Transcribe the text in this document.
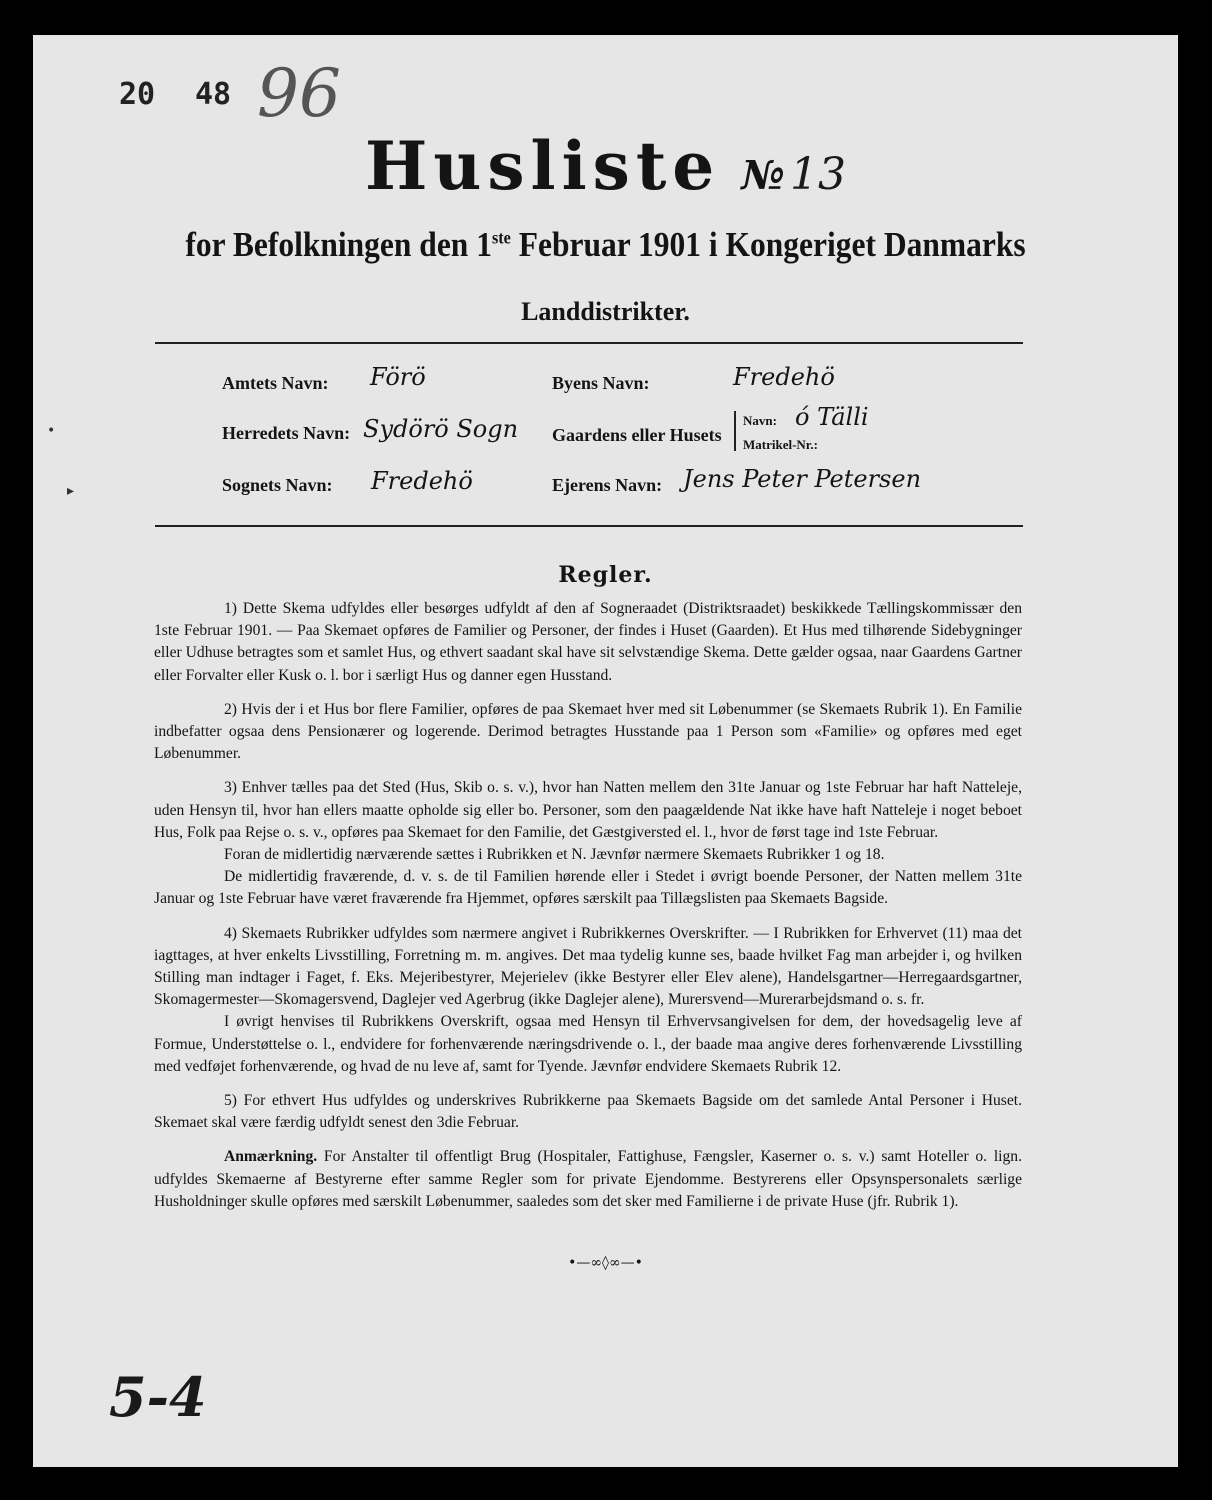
20 48 96
Husliste № 13
for Befolkningen den 1ste Februar 1901 i Kongeriget Danmarks
Landdistrikter.
Amtets Navn: Förö
Herredets Navn: Sydörö Sogn
Sognets Navn: Fredehö
Byens Navn:	Fredehö
Gaardens eller Husets
Navn: ó Tälli
Matrikel-Nr.:
Ejerens Navn: Jens Peter Petersen
Regler.

1) Dette Skema udfyldes eller besørges udfyldt af den af Sogneraadet (Distriktsraadet) beskikkede Tællingskommissær den 1ste Februar 1901. — Paa Skemaet opføres de Familier og Personer, der findes i Huset (Gaarden). Et Hus med tilhørende Sidebygninger eller Udhuse betragtes som et samlet Hus, og ethvert saadant skal have sit selvstændige Skema. Dette gælder ogsaa, naar Gaardens Gartner eller Forvalter eller Kusk o. l. bor i særligt Hus og danner egen Husstand.

2) Hvis der i et Hus bor flere Familier, opføres de paa Skemaet hver med sit Løbenummer (se Skemaets Rubrik 1). En Familie indbefatter ogsaa dens Pensionærer og logerende. Derimod betragtes Husstande paa 1 Person som «Familie» og opføres med eget Løbenummer.

3) Enhver tælles paa det Sted (Hus, Skib o. s. v.), hvor han Natten mellem den 31te Januar og 1ste Februar har haft Natteleje, uden Hensyn til, hvor han ellers maatte opholde sig eller bo. Personer, som den paagældende Nat ikke have haft Natteleje i noget beboet Hus, Folk paa Rejse o. s. v., opføres paa Skemaet for den Familie, det Gæstgiversted el. l., hvor de først tage ind 1ste Februar.

Foran de midlertidig nærværende sættes i Rubrikken et N. Jævnfør nærmere Skemaets Rubrikker 1 og 18.

De midlertidig fraværende, d. v. s. de til Familien hørende eller i Stedet i øvrigt boende Personer, der Natten mellem 31te Januar og 1ste Februar have været fraværende fra Hjemmet, opføres særskilt paa Tillægslisten paa Skemaets Bagside.

4) Skemaets Rubrikker udfyldes som nærmere angivet i Rubrikkernes Overskrifter. — I Rubrikken for Erhvervet (11) maa det iagttages, at hver enkelts Livsstilling, Forretning m. m. angives. Det maa tydelig kunne ses, baade hvilket Fag man arbejder i, og hvilken Stilling man indtager i Faget, f. Eks. Mejeribestyrer, Mejerielev (ikke Bestyrer eller Elev alene), Handelsgartner—Herregaardsgartner, Skomagermester—Skomagersvend, Daglejer ved Agerbrug (ikke Daglejer alene), Murersvend—Murerarbejdsmand o. s. fr.

I øvrigt henvises til Rubrikkens Overskrift, ogsaa med Hensyn til Erhvervsangivelsen for dem, der hovedsagelig leve af Formue, Understøttelse o. l., endvidere for forhenværende næringsdrivende o. l., der baade maa angive deres forhenværende Livsstilling med vedføjet forhenværende, og hvad de nu leve af, samt for Tyende. Jævnfør endvidere Skemaets Rubrik 12.

5) For ethvert Hus udfyldes og underskrives Rubrikkerne paa Skemaets Bagside om det samlede Antal Personer i Huset. Skemaet skal være færdig udfyldt senest den 3die Februar.

Anmærkning. For Anstalter til offentligt Brug (Hospitaler, Fattighuse, Fængsler, Kaserner o. s. v.) samt Hoteller o. lign. udfyldes Skemaerne af Bestyrerne efter samme Regler som for private Ejendomme. Bestyrerens eller Opsynspersonalets særlige Husholdninger skulle opføres med særskilt Løbenummer, saaledes som det sker med Familierne i de private Huse (jfr. Rubrik 1).

•—∞◊∞—•
5-4
•
▸
